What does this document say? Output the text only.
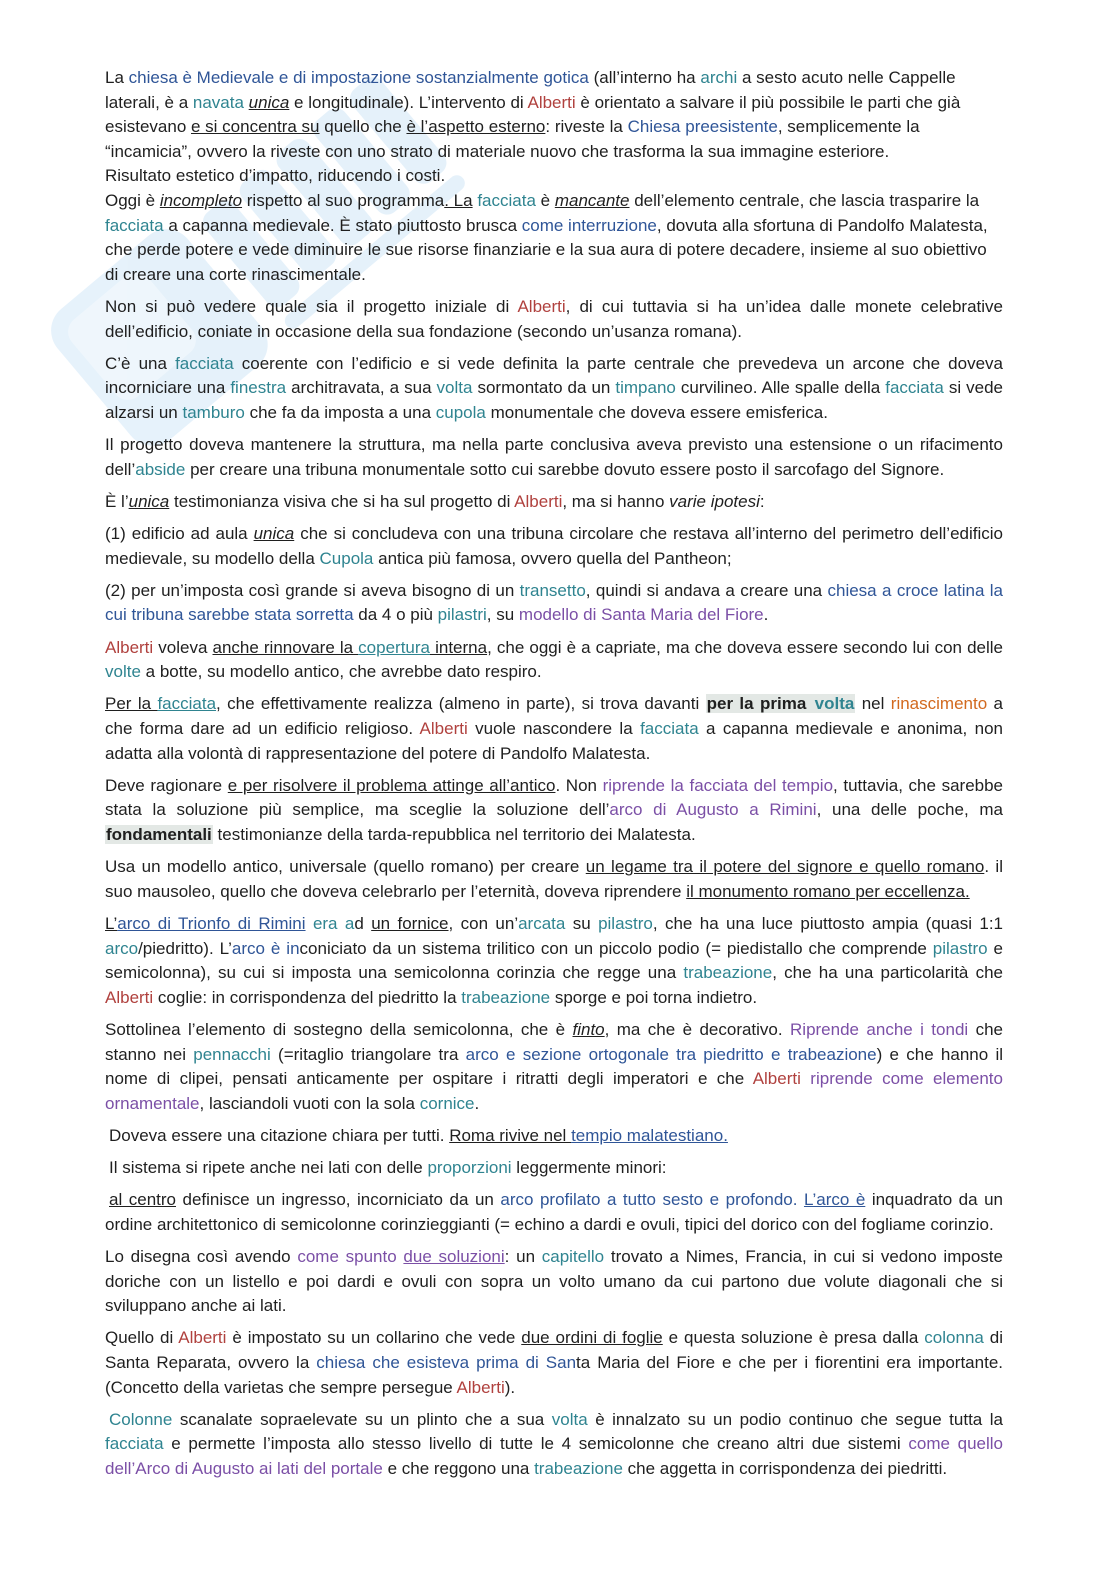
La chiesa è Medievale e di impostazione sostanzialmente gotica (all’interno ha archi a sesto acuto nelle Cappelle laterali, è a navata unica e longitudinale). L’intervento di Alberti è orientato a salvare il più possibile le parti che già esistevano e si concentra su quello che è l’aspetto esterno: riveste la Chiesa preesistente, semplicemente la “incamicia”, ovvero la riveste con uno strato di materiale nuovo che trasforma la sua immagine esteriore.

Risultato estetico d’impatto, riducendo i costi.

Oggi è incompleto rispetto al suo programma. La facciata è mancante dell’elemento centrale, che lascia trasparire la facciata a capanna medievale. È stato piuttosto brusca come interruzione, dovuta alla sfortuna di Pandolfo Malatesta, che perde potere e vede diminuire le sue risorse finanziarie e la sua aura di potere decadere, insieme al suo obiettivo di creare una corte rinascimentale.

Non si può vedere quale sia il progetto iniziale di Alberti, di cui tuttavia si ha un’idea dalle monete celebrative dell’edificio, coniate in occasione della sua fondazione (secondo un’usanza romana).

C’è una facciata coerente con l’edificio e si vede definita la parte centrale che prevedeva un arcone che doveva incorniciare una finestra architravata, a sua volta sormontato da un timpano curvilineo. Alle spalle della facciata si vede alzarsi un tamburo che fa da imposta a una cupola monumentale che doveva essere emisferica.

Il progetto doveva mantenere la struttura, ma nella parte conclusiva aveva previsto una estensione o un rifacimento dell’abside per creare una tribuna monumentale sotto cui sarebbe dovuto essere posto il sarcofago del Signore.

È l’unica testimonianza visiva che si ha sul progetto di Alberti, ma si hanno varie ipotesi:

(1) edificio ad aula unica che si concludeva con una tribuna circolare che restava all’interno del perimetro dell’edificio medievale, su modello della Cupola antica più famosa, ovvero quella del Pantheon;

(2) per un’imposta così grande si aveva bisogno di un transetto, quindi si andava a creare una chiesa a croce latina la cui tribuna sarebbe stata sorretta da 4 o più pilastri, su modello di Santa Maria del Fiore.

Alberti voleva anche rinnovare la copertura interna, che oggi è a capriate, ma che doveva essere secondo lui con delle volte a botte, su modello antico, che avrebbe dato respiro.

Per la facciata, che effettivamente realizza (almeno in parte), si trova davanti per la prima volta nel rinascimento a che forma dare ad un edificio religioso. Alberti vuole nascondere la facciata a capanna medievale e anonima, non adatta alla volontà di rappresentazione del potere di Pandolfo Malatesta.

Deve ragionare e per risolvere il problema attinge all’antico. Non riprende la facciata del tempio, tuttavia, che sarebbe stata la soluzione più semplice, ma sceglie la soluzione dell’arco di Augusto a Rimini, una delle poche, ma fondamentali testimonianze della tarda-repubblica nel territorio dei Malatesta.

Usa un modello antico, universale (quello romano) per creare un legame tra il potere del signore e quello romano. il suo mausoleo, quello che doveva celebrarlo per l’eternità, doveva riprendere il monumento romano per eccellenza.

L’arco di Trionfo di Rimini era ad un fornice, con un’arcata su pilastro, che ha una luce piuttosto ampia (quasi 1:1 arco/piedritto). L’arco è inconiciato da un sistema trilitico con un piccolo podio (= piedistallo che comprende pilastro e semicolonna), su cui si imposta una semicolonna corinzia che regge una trabeazione, che ha una particolarità che Alberti coglie: in corrispondenza del piedritto la trabeazione sporge e poi torna indietro.

Sottolinea l’elemento di sostegno della semicolonna, che è finto, ma che è decorativo. Riprende anche i tondi che stanno nei pennacchi (=ritaglio triangolare tra arco e sezione ortogonale tra piedritto e trabeazione) e che hanno il nome di clipei, pensati anticamente per ospitare i ritratti degli imperatori e che Alberti riprende come elemento ornamentale, lasciandoli vuoti con la sola cornice.

Doveva essere una citazione chiara per tutti. Roma rivive nel tempio malatestiano.

Il sistema si ripete anche nei lati con delle proporzioni leggermente minori:

al centro definisce un ingresso, incorniciato da un arco profilato a tutto sesto e profondo. L’arco è inquadrato da un ordine architettonico di semicolonne corinzieggianti (= echino a dardi e ovuli, tipici del dorico con del fogliame corinzio.

Lo disegna così avendo come spunto due soluzioni: un capitello trovato a Nimes, Francia, in cui si vedono imposte doriche con un listello e poi dardi e ovuli con sopra un volto umano da cui partono due volute diagonali che si sviluppano anche ai lati.

Quello di Alberti è impostato su un collarino che vede due ordini di foglie e questa soluzione è presa dalla colonna di Santa Reparata, ovvero la chiesa che esisteva prima di Santa Maria del Fiore e che per i fiorentini era importante. (Concetto della varietas che sempre persegue Alberti).

Colonne scanalate sopraelevate su un plinto che a sua volta è innalzato su un podio continuo che segue tutta la facciata e permette l’imposta allo stesso livello di tutte le 4 semicolonne che creano altri due sistemi come quello dell’Arco di Augusto ai lati del portale e che reggono una trabeazione che aggetta in corrispondenza dei piedritti.
